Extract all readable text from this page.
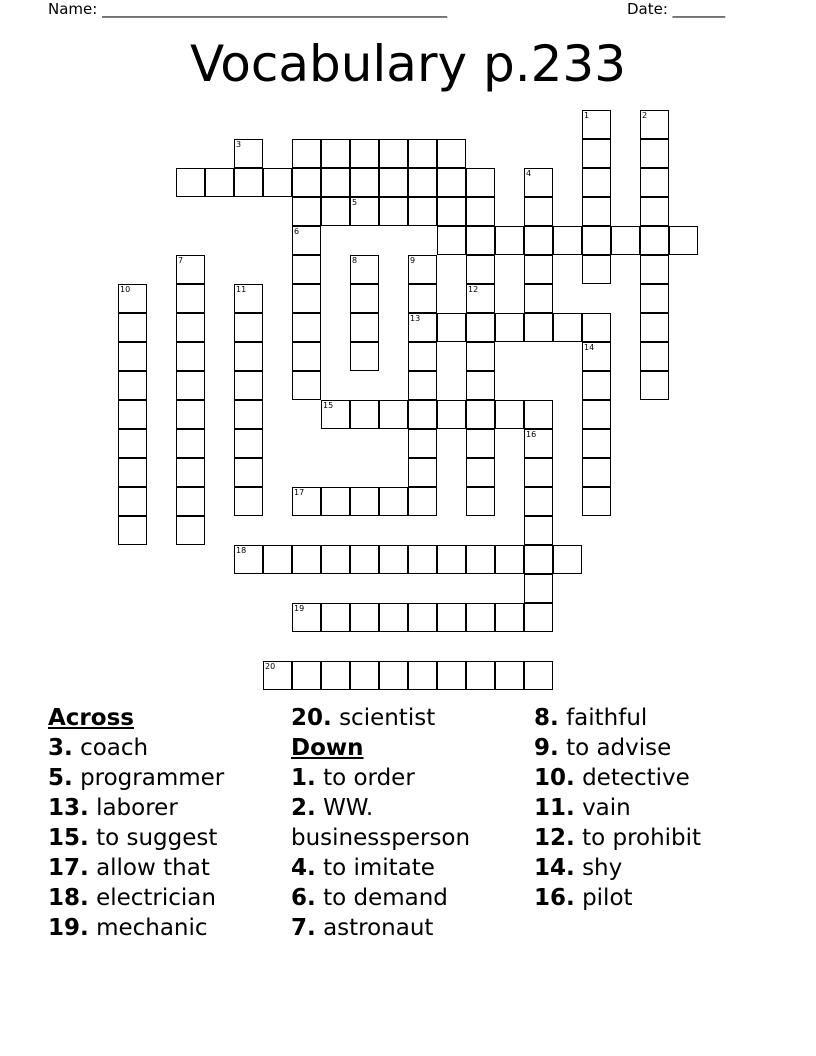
Name: ______________________________________________	Date: _______
Vocabulary p.233
5
12
10	11
6
8	9
13
14
15
16
17
18
19
20
1	2
3
4
7
Across
3. coach
5. programmer
13. laborer
15. to suggest
17. allow that
18. electrician
19. mechanic
20. scientist
Down
1. to order
2. WW.
businessperson
4. to imitate
6. to demand
7. astronaut
8. faithful
9. to advise
10. detective
11. vain
12. to prohibit
14. shy
16. pilot
